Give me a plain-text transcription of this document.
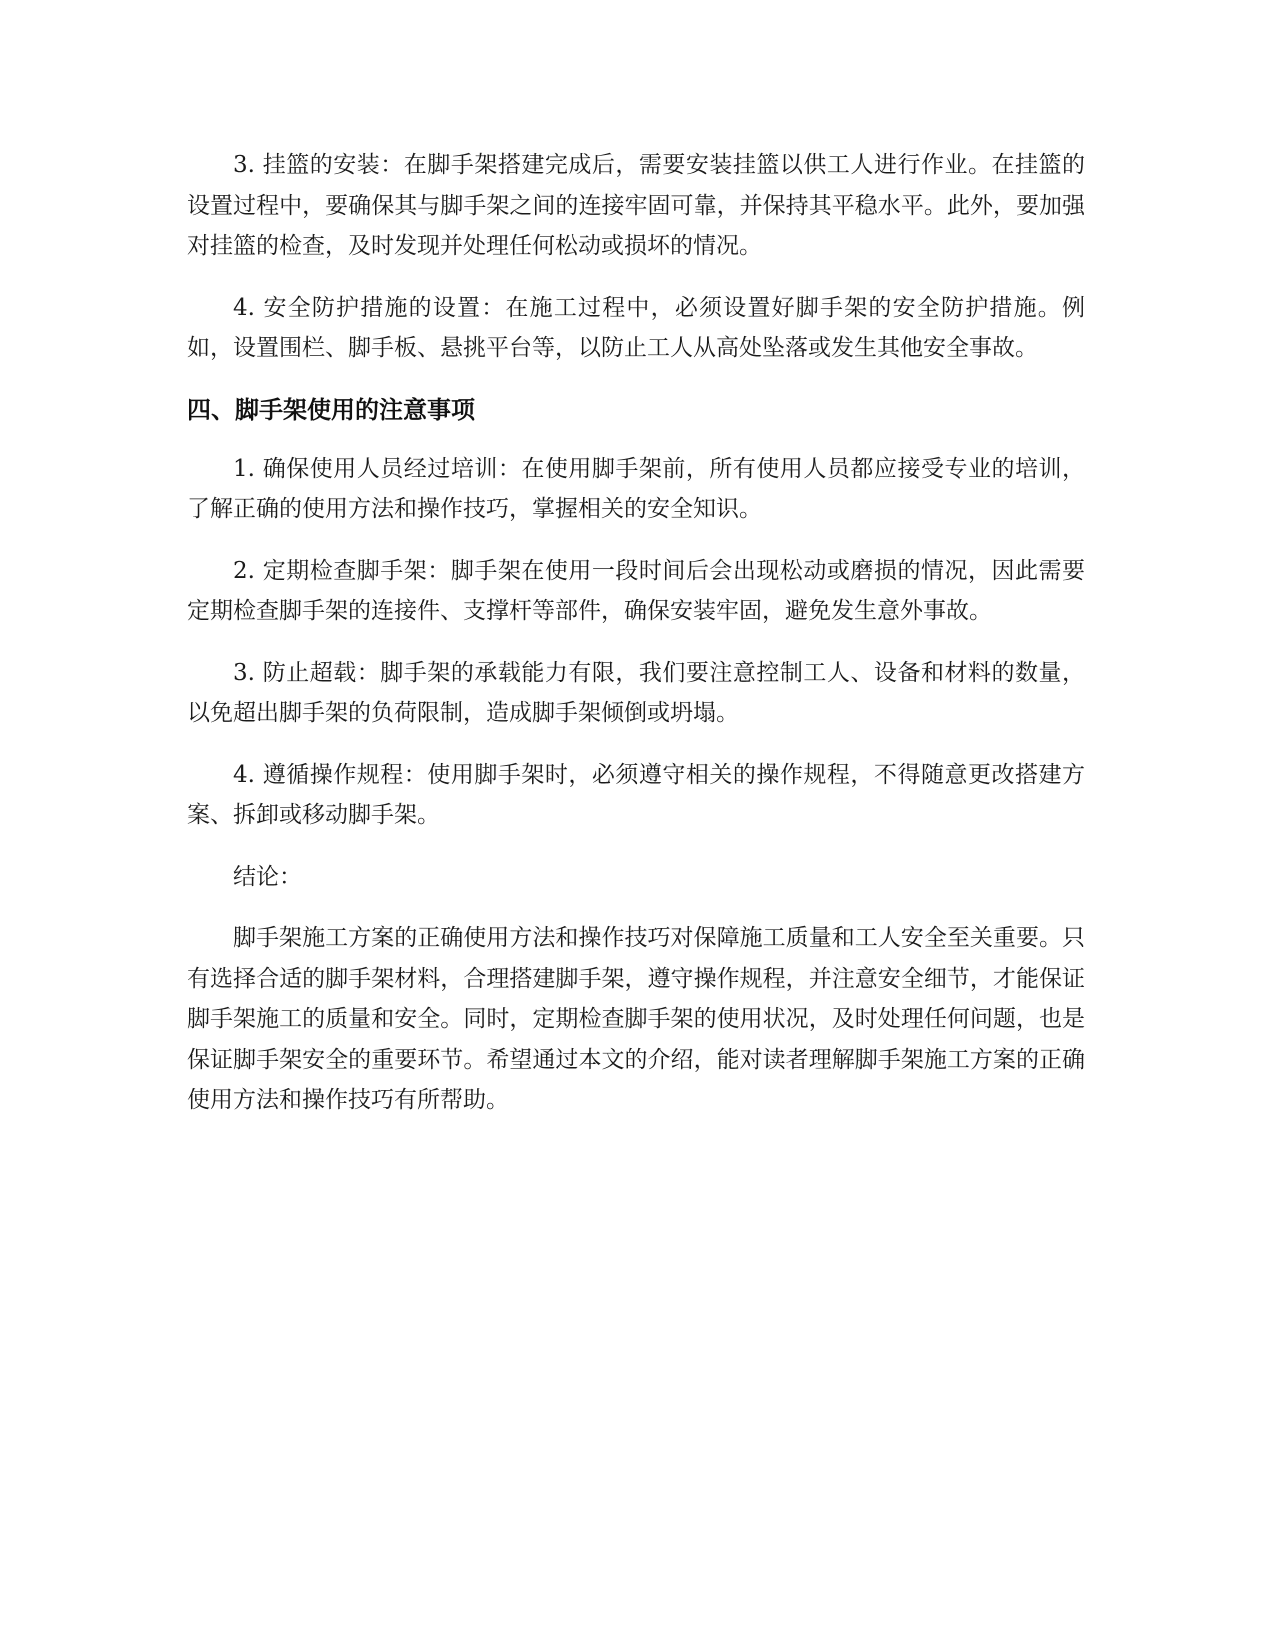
3. 挂篮的安装：在脚手架搭建完成后，需要安装挂篮以供工人进行作业。在挂篮的设置过程中，要确保其与脚手架之间的连接牢固可靠，并保持其平稳水平。此外，要加强对挂篮的检查，及时发现并处理任何松动或损坏的情况。

4. 安全防护措施的设置：在施工过程中，必须设置好脚手架的安全防护措施。例如，设置围栏、脚手板、悬挑平台等，以防止工人从高处坠落或发生其他安全事故。

四、脚手架使用的注意事项

1. 确保使用人员经过培训：在使用脚手架前，所有使用人员都应接受专业的培训，了解正确的使用方法和操作技巧，掌握相关的安全知识。

2. 定期检查脚手架：脚手架在使用一段时间后会出现松动或磨损的情况，因此需要定期检查脚手架的连接件、支撑杆等部件，确保安装牢固，避免发生意外事故。

3. 防止超载：脚手架的承载能力有限，我们要注意控制工人、设备和材料的数量，以免超出脚手架的负荷限制，造成脚手架倾倒或坍塌。

4. 遵循操作规程：使用脚手架时，必须遵守相关的操作规程，不得随意更改搭建方案、拆卸或移动脚手架。

结论：

脚手架施工方案的正确使用方法和操作技巧对保障施工质量和工人安全至关重要。只有选择合适的脚手架材料，合理搭建脚手架，遵守操作规程，并注意安全细节，才能保证脚手架施工的质量和安全。同时，定期检查脚手架的使用状况，及时处理任何问题，也是保证脚手架安全的重要环节。希望通过本文的介绍，能对读者理解脚手架施工方案的正确使用方法和操作技巧有所帮助。
